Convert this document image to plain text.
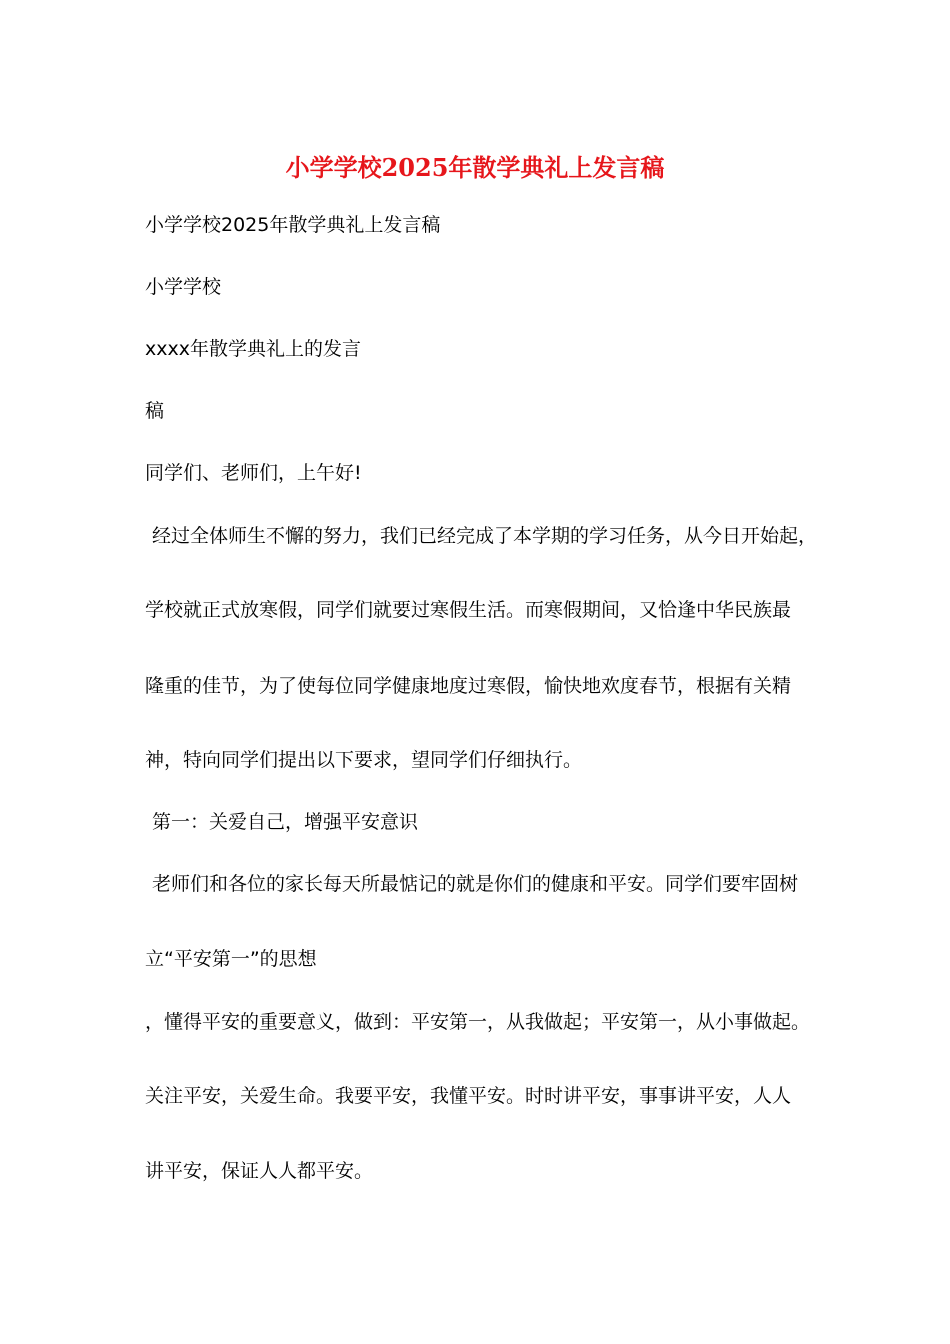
小学学校2025年散学典礼上发言稿
小学学校2025年散学典礼上发言稿
小学学校
xxxx年散学典礼上的发言
稿
同学们、老师们，上午好!
经过全体师生不懈的努力，我们已经完成了本学期的学习任务，从今日开始起，
学校就正式放寒假，同学们就要过寒假生活。而寒假期间，又恰逢中华民族最
隆重的佳节，为了使每位同学健康地度过寒假，愉快地欢度春节，根据有关精
神，特向同学们提出以下要求，望同学们仔细执行。
第一：关爱自己，增强平安意识
老师们和各位的家长每天所最惦记的就是你们的健康和平安。同学们要牢固树
立“平安第一”的思想
，懂得平安的重要意义，做到：平安第一，从我做起；平安第一，从小事做起。
关注平安，关爱生命。我要平安，我懂平安。时时讲平安，事事讲平安，人人
讲平安，保证人人都平安。
